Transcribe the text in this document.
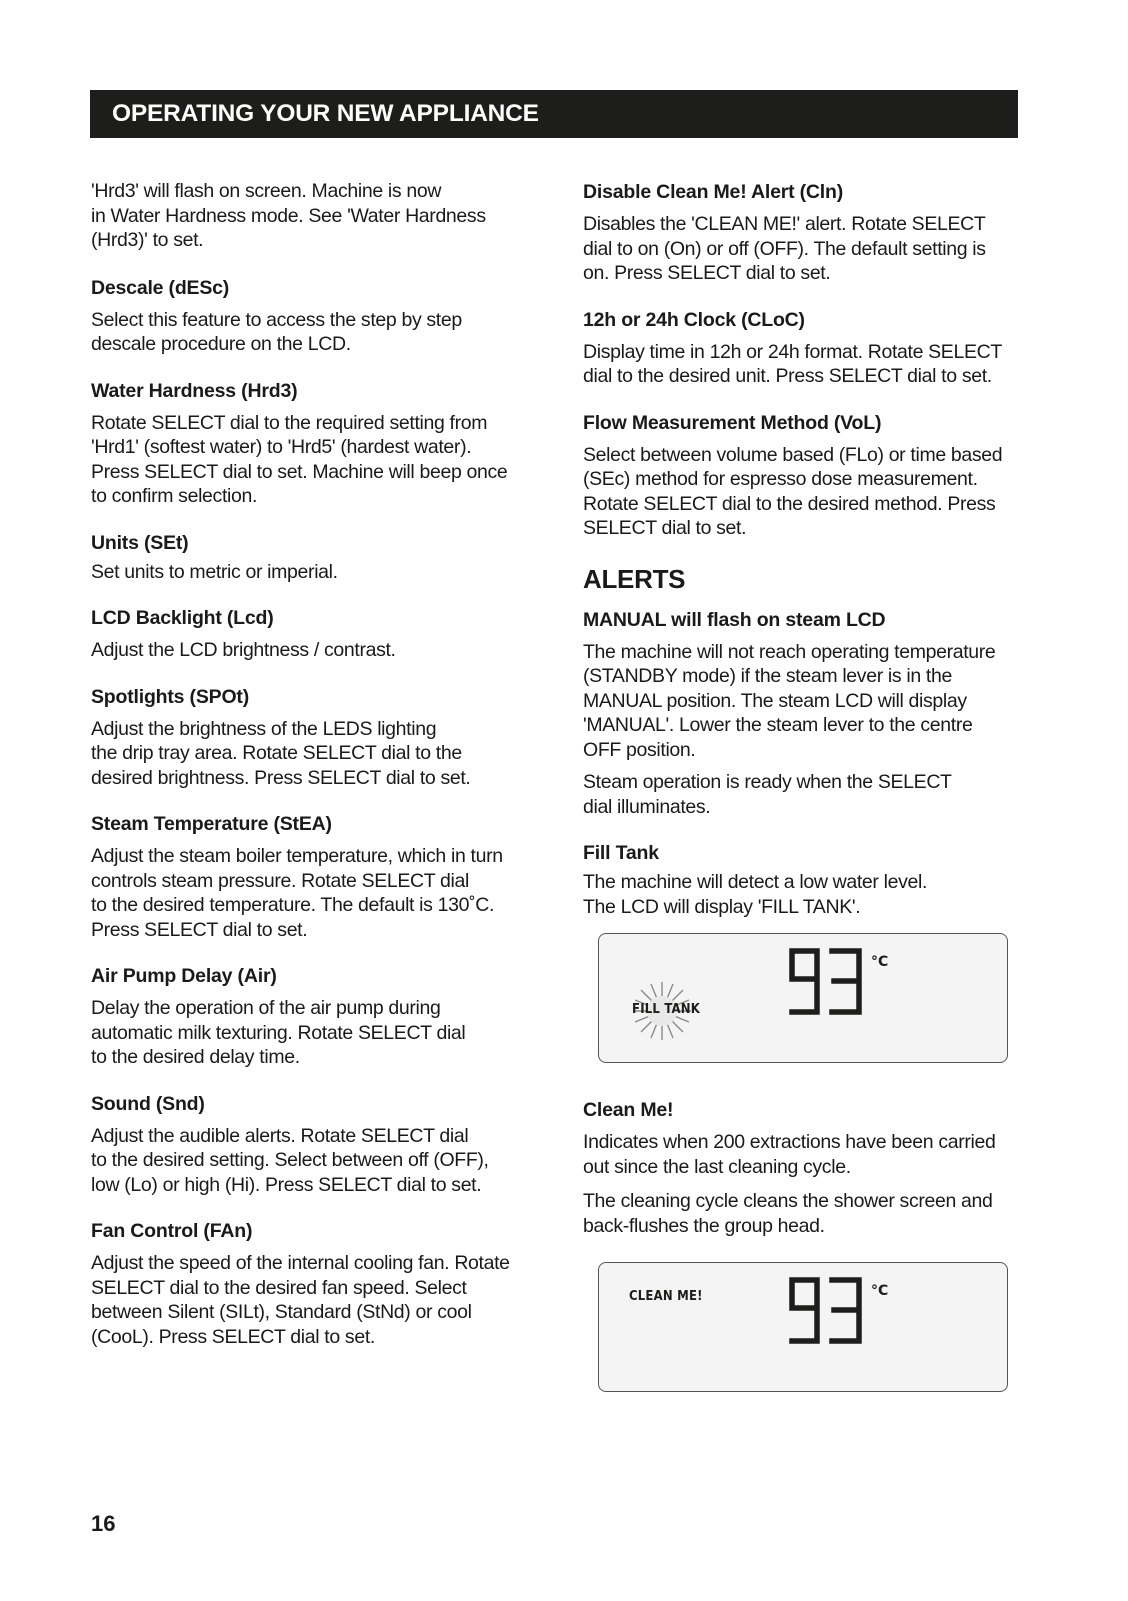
OPERATING YOUR NEW APPLIANCE

'Hrd3' will flash on screen. Machine is now
in Water Hardness mode. See 'Water Hardness
(Hrd3)' to set.

Descale (dESc)

Select this feature to access the step by step
descale procedure on the LCD.

Water Hardness (Hrd3)

Rotate SELECT dial to the required setting from
'Hrd1' (softest water) to 'Hrd5' (hardest water).
Press SELECT dial to set. Machine will beep once
to confirm selection.

Units (SEt)

Set units to metric or imperial.

LCD Backlight (Lcd)

Adjust the LCD brightness / contrast.

Spotlights (SPOt)

Adjust the brightness of the LEDS lighting
the drip tray area. Rotate SELECT dial to the
desired brightness. Press SELECT dial to set.

Steam Temperature (StEA)

Adjust the steam boiler temperature, which in turn
controls steam pressure. Rotate SELECT dial
to the desired temperature. The default is 130˚C.
Press SELECT dial to set.

Air Pump Delay (Air)

Delay the operation of the air pump during
automatic milk texturing. Rotate SELECT dial
to the desired delay time.

Sound (Snd)

Adjust the audible alerts. Rotate SELECT dial
to the desired setting. Select between off (OFF),
low (Lo) or high (Hi). Press SELECT dial to set.

Fan Control (FAn)

Adjust the speed of the internal cooling fan. Rotate
SELECT dial to the desired fan speed. Select
between Silent (SILt), Standard (StNd) or cool
(CooL). Press SELECT dial to set.

Disable Clean Me! Alert (Cln)

Disables the 'CLEAN ME!' alert. Rotate SELECT
dial to on (On) or off (OFF). The default setting is
on. Press SELECT dial to set.

12h or 24h Clock (CLoC)

Display time in 12h or 24h format. Rotate SELECT
dial to the desired unit. Press SELECT dial to set.

Flow Measurement Method (VoL)

Select between volume based (FLo) or time based
(SEc) method for espresso dose measurement.
Rotate SELECT dial to the desired method. Press
SELECT dial to set.

ALERTS

MANUAL will flash on steam LCD

The machine will not reach operating temperature
(STANDBY mode) if the steam lever is in the
MANUAL position. The steam LCD will display
'MANUAL'. Lower the steam lever to the centre
OFF position.

Steam operation is ready when the SELECT
dial illuminates.

Fill Tank

The machine will detect a low water level.
The LCD will display 'FILL TANK'.

FILL TANK
°C

Clean Me!

Indicates when 200 extractions have been carried
out since the last cleaning cycle.

The cleaning cycle cleans the shower screen and
back-flushes the group head.

CLEAN ME!	°C
16
